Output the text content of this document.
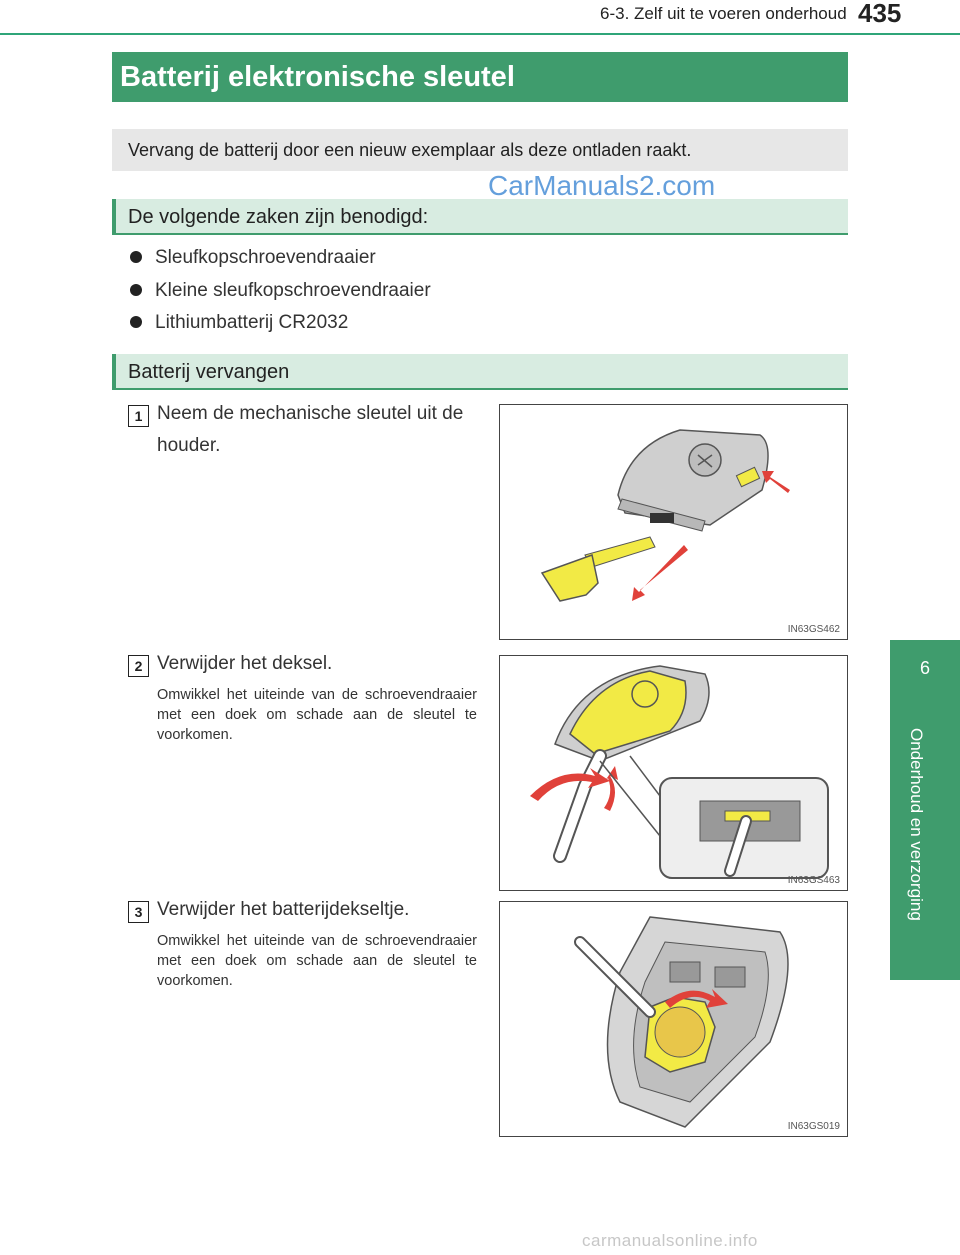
6-3. Zelf uit te voeren onderhoud 435
6
Onderhoud en verzorging
Batterij elektronische sleutel
Vervang de batterij door een nieuw exemplaar als deze ontladen raakt.
De volgende zaken zijn benodigd:
CarManuals2.com
Sleufkopschroevendraaier
Kleine sleufkopschroevendraaier
Lithiumbatterij CR2032
Batterij vervangen
1 Neem de mechanische sleutel uit de houder.
IN63GS462
2 Verwijder het deksel.
Omwikkel het uiteinde van de schroevendraaier met een doek om schade aan de sleutel te voorkomen.
IN63GS463
3 Verwijder het batterijdekseltje.
Omwikkel het uiteinde van de schroevendraaier met een doek om schade aan de sleutel te voorkomen.
IN63GS019
carmanualsonline.info
